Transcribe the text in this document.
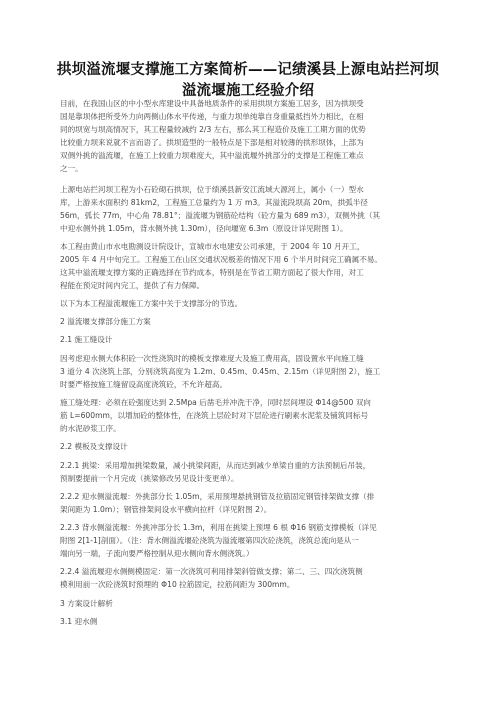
拱坝溢流堰支撑施工方案简析——记绩溪县上源电站拦河坝
溢流堰施工经验介绍
目前，在我国山区的中小型水库建设中具备地质条件的采用拱坝方案施工居多，因为拱坝受
国是靠坝体把所受外力向两侧山体水平传递，与重力坝单纯靠自身重量抵挡外力相比，在相
同的坝宽与坝高情况下，其工程量较减约 2/3 左右，那么其工程造价及施工工期方面的优势
比较重力坝来说就不言而语了。拱坝造型的一般特点是下部是相对较薄的拱形坝体，上部为
双侧外挑的溢流堰，在施工上较重力坝难度大，其中溢流堰外挑部分的支撑是工程施工难点
之一。
上源电站拦河坝工程为小石砼砌石拱坝，位于绩溪县新安江流域大源河上，属小（一）型水
库，上游来水面积约 81km2，工程施工总量约为 1 万 m3。其溢流段坝高 20m，拱弧半径
56m，弧长 77m，中心角 78.81°；溢流堰为钢筋砼结构（砼方量为 689 m3），双侧外挑（其
中迎水侧外挑 1.05m，背水侧外挑 1.30m），径向堰宽 6.3m（原设计详见附图 1）。
本工程由黄山市水电勘测设计院设计，宣城市水电建安公司承建，于 2004 年 10 月开工，
2005 年 4 月中旬完工。工程施工在山区交通状况极差的情况下用 6 个半月时间完工确属不易。
这其中溢流堰支撑方案的正确选择在节约成本，特别是在节省工期方面起了很大作用，对工
程能在预定时间内完工，提供了有力保障。
以下为本工程溢流堰施工方案中关于支撑部分的节选。
2 溢流堰支撑部分施工方案
2.1 施工缝设计
因考虑迎水侧大体积砼一次性浇筑时的模板支撑难度大及施工费用高，固设置水平向施工缝
3 道分 4 次浇筑上部，分别浇筑高度为 1.2m、0.45m、0.45m、2.15m（详见附图 2），施工
时要严格按施工缝留设高度浇筑砼，不允许超高。
施工缝处理：必须在砼强度达到 2.5Mpa 后凿毛并冲洗干净，同时层间埋设 Φ14@500 双向
筋 L=600mm，以增加砼的整体性，在浇筑上层砼时对下层砼进行刷素水泥浆及铺筑同标号
的水泥砂浆工序。
2.2 模板及支撑设计
2.2.1 挑梁：采用增加挑梁数量，减小挑梁间距，从而达到减少单梁自重的方法预制后吊装，
预制要提前一个月完成（挑梁修改另见设计变更单）。
2.2.2 迎水侧溢流堰：外挑部分长 1.05m，采用预埋悬挑钢管及拉筋固定钢管排架做支撑（排
架间距为 1.0m）；钢管排架间设水平横向拉杆（详见附图 2）。
2.2.3 背水侧溢流堰：外挑冲部分长 1.3m，利用在挑梁上预埋 6 根 Φ16 钢筋支撑模板（详见
附图 2[1-1]剖面）。（注：背水侧溢流堰砼浇筑为溢流堰第四次砼浇筑，浇筑总流向是从一
端向另一端，子流向要严格控制从迎水侧向背水侧浇筑。）
2.2.4 溢流堰迎水侧侧模固定：第一次浇筑可利用排架斜管做支撑；第二、三、四次浇筑侧
模利用前一次砼浇筑时预埋的 Φ10 拉筋固定，拉筋间距为 300mm。
3 方案设计解析
3.1 迎水侧
